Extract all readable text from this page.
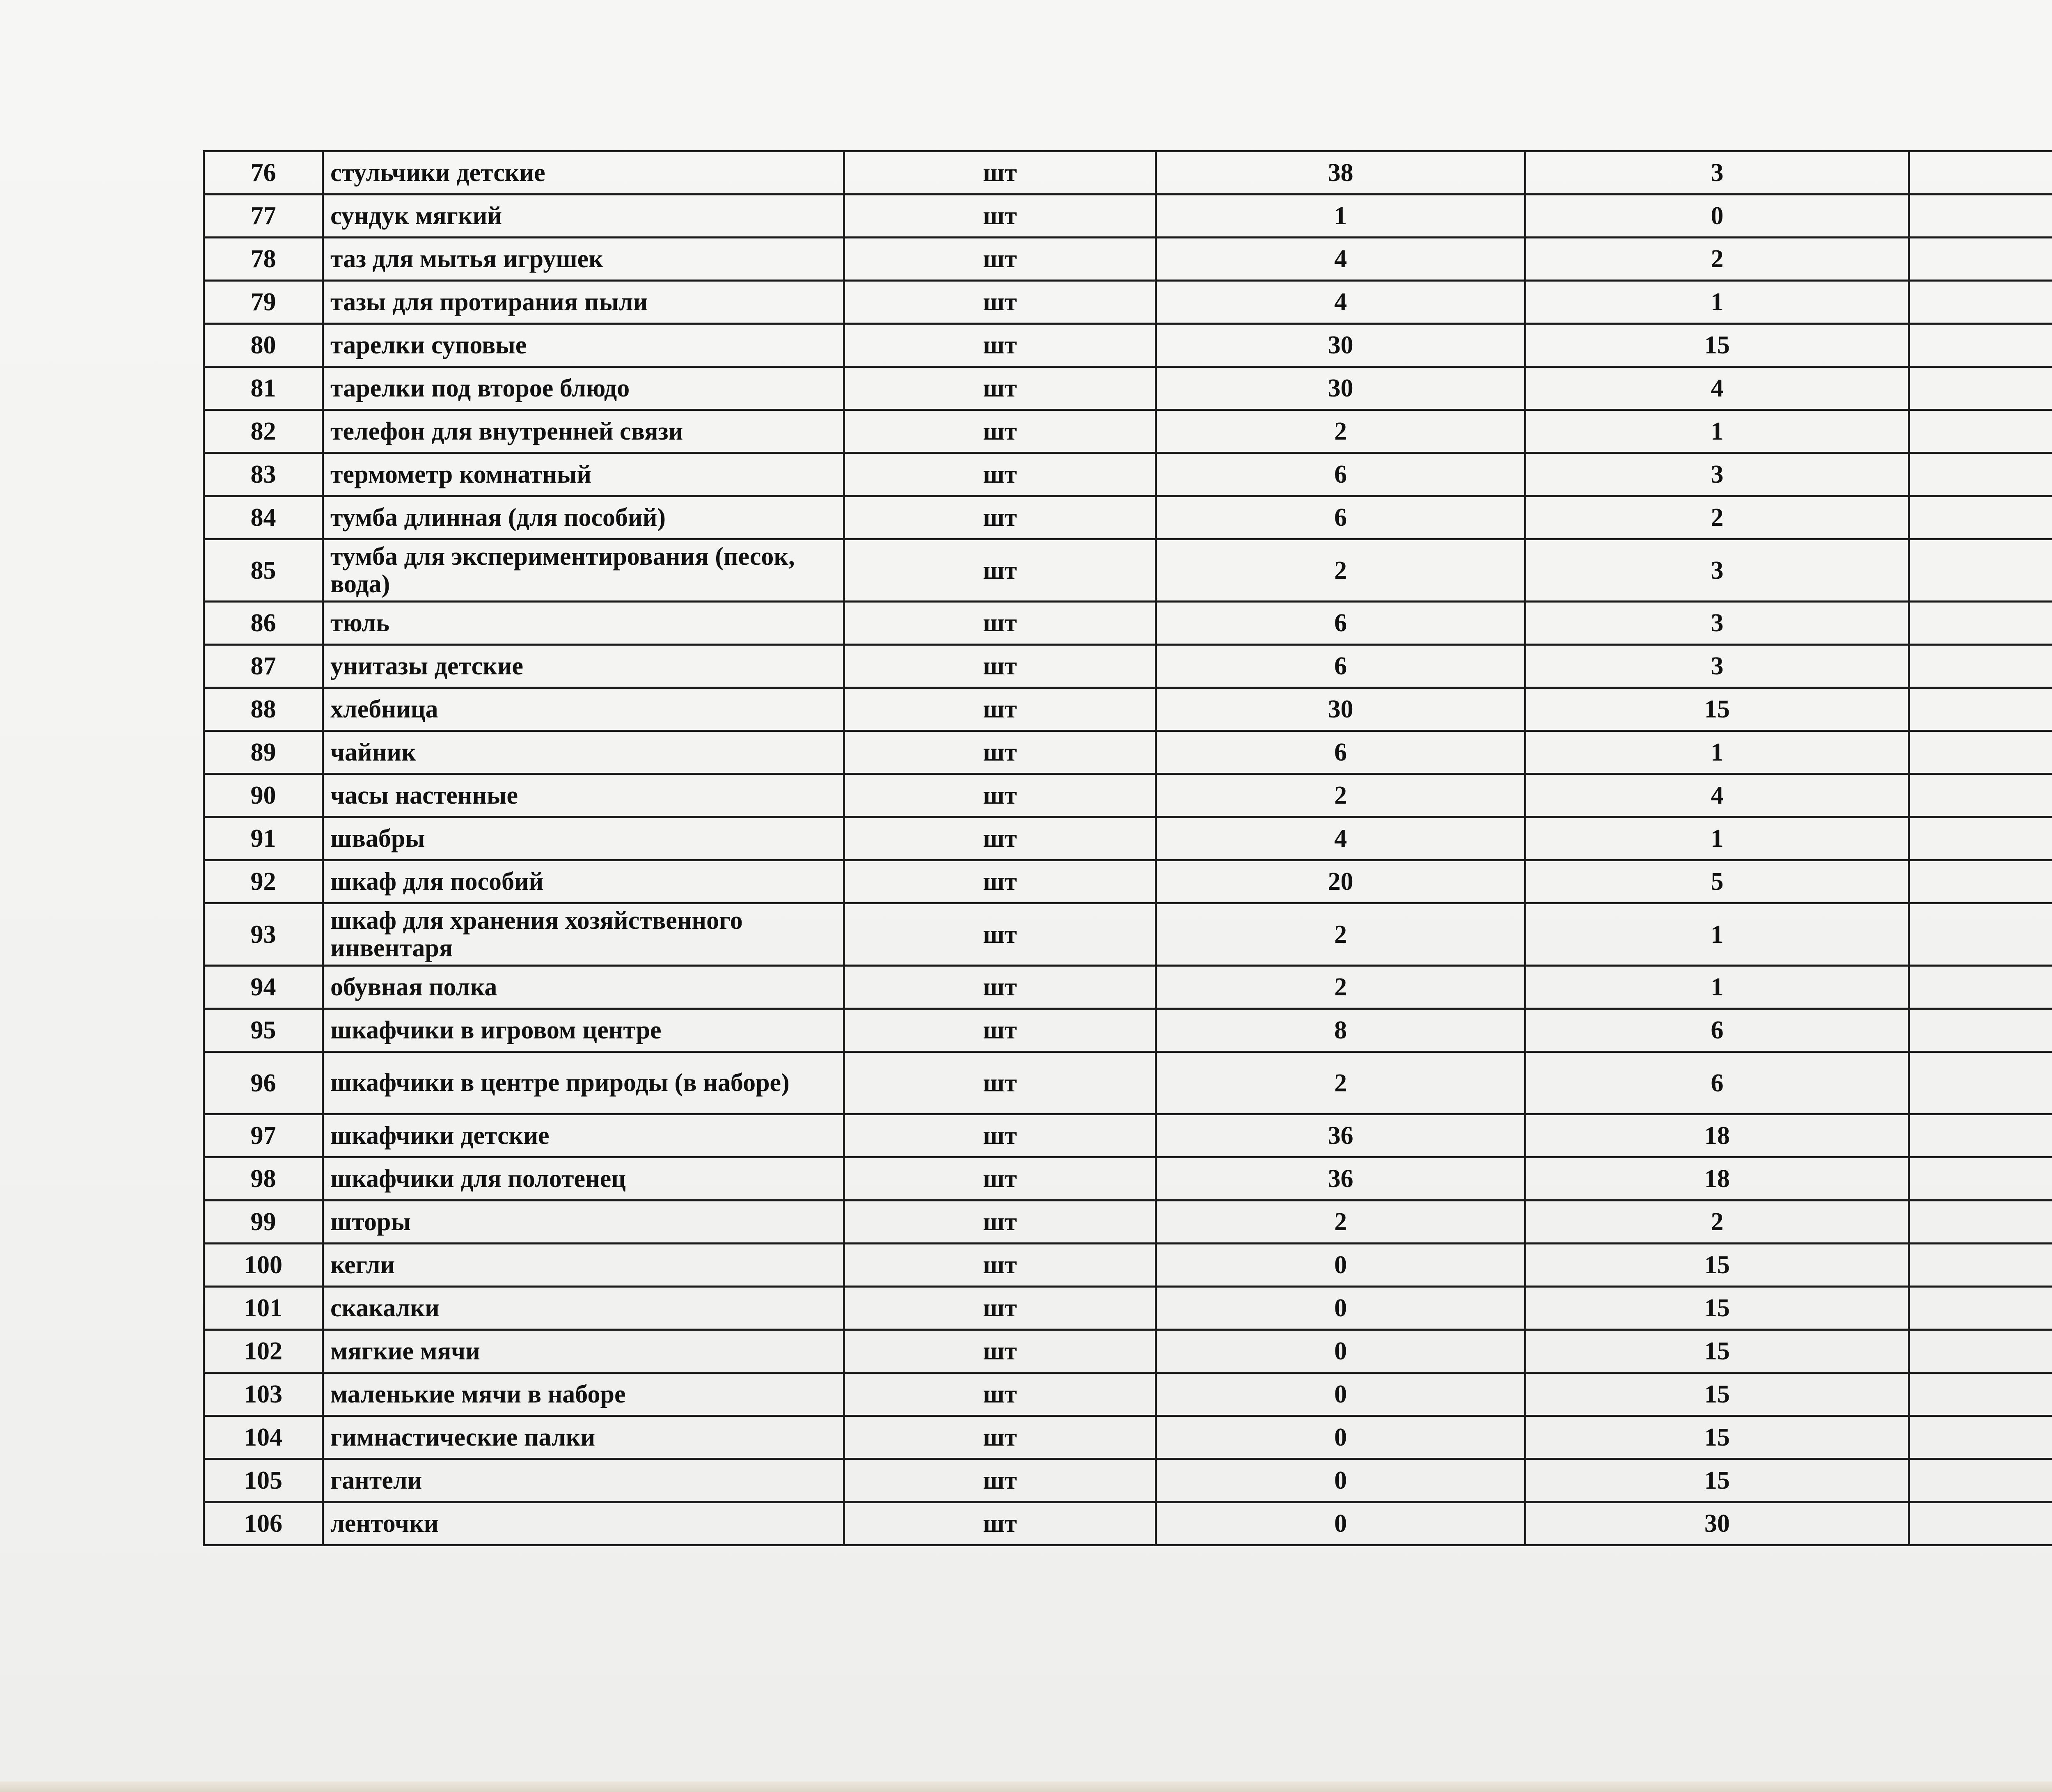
76	стульчики детские	шт	38	3	
77	сундук мягкий	шт	1	0	
78	таз для мытья игрушек	шт	4	2	
79	тазы для протирания пыли	шт	4	1	
80	тарелки суповые	шт	30	15	
81	тарелки под второе блюдо	шт	30	4	
82	телефон для внутренней связи	шт	2	1	
83	термометр комнатный	шт	6	3	
84	тумба длинная (для пособий)	шт	6	2	
85	тумба для экспериментирования (песок, вода)	шт	2	3	
86	тюль	шт	6	3	
87	унитазы детские	шт	6	3	
88	хлебница	шт	30	15	
89	чайник	шт	6	1	
90	часы настенные	шт	2	4	
91	швабры	шт	4	1	
92	шкаф для пособий	шт	20	5	
93	шкаф для хранения хозяйственного инвентаря	шт	2	1	
94	обувная полка	шт	2	1	
95	шкафчики в игровом центре	шт	8	6	
96	шкафчики в центре природы (в наборе)	шт	2	6	
97	шкафчики детские	шт	36	18	
98	шкафчики для полотенец	шт	36	18	
99	шторы	шт	2	2	
100	кегли	шт	0	15	
101	скакалки	шт	0	15	
102	мягкие мячи	шт	0	15	
103	маленькие мячи в наборе	шт	0	15	
104	гимнастические палки	шт	0	15	
105	гантели	шт	0	15	
106	ленточки	шт	0	30	
